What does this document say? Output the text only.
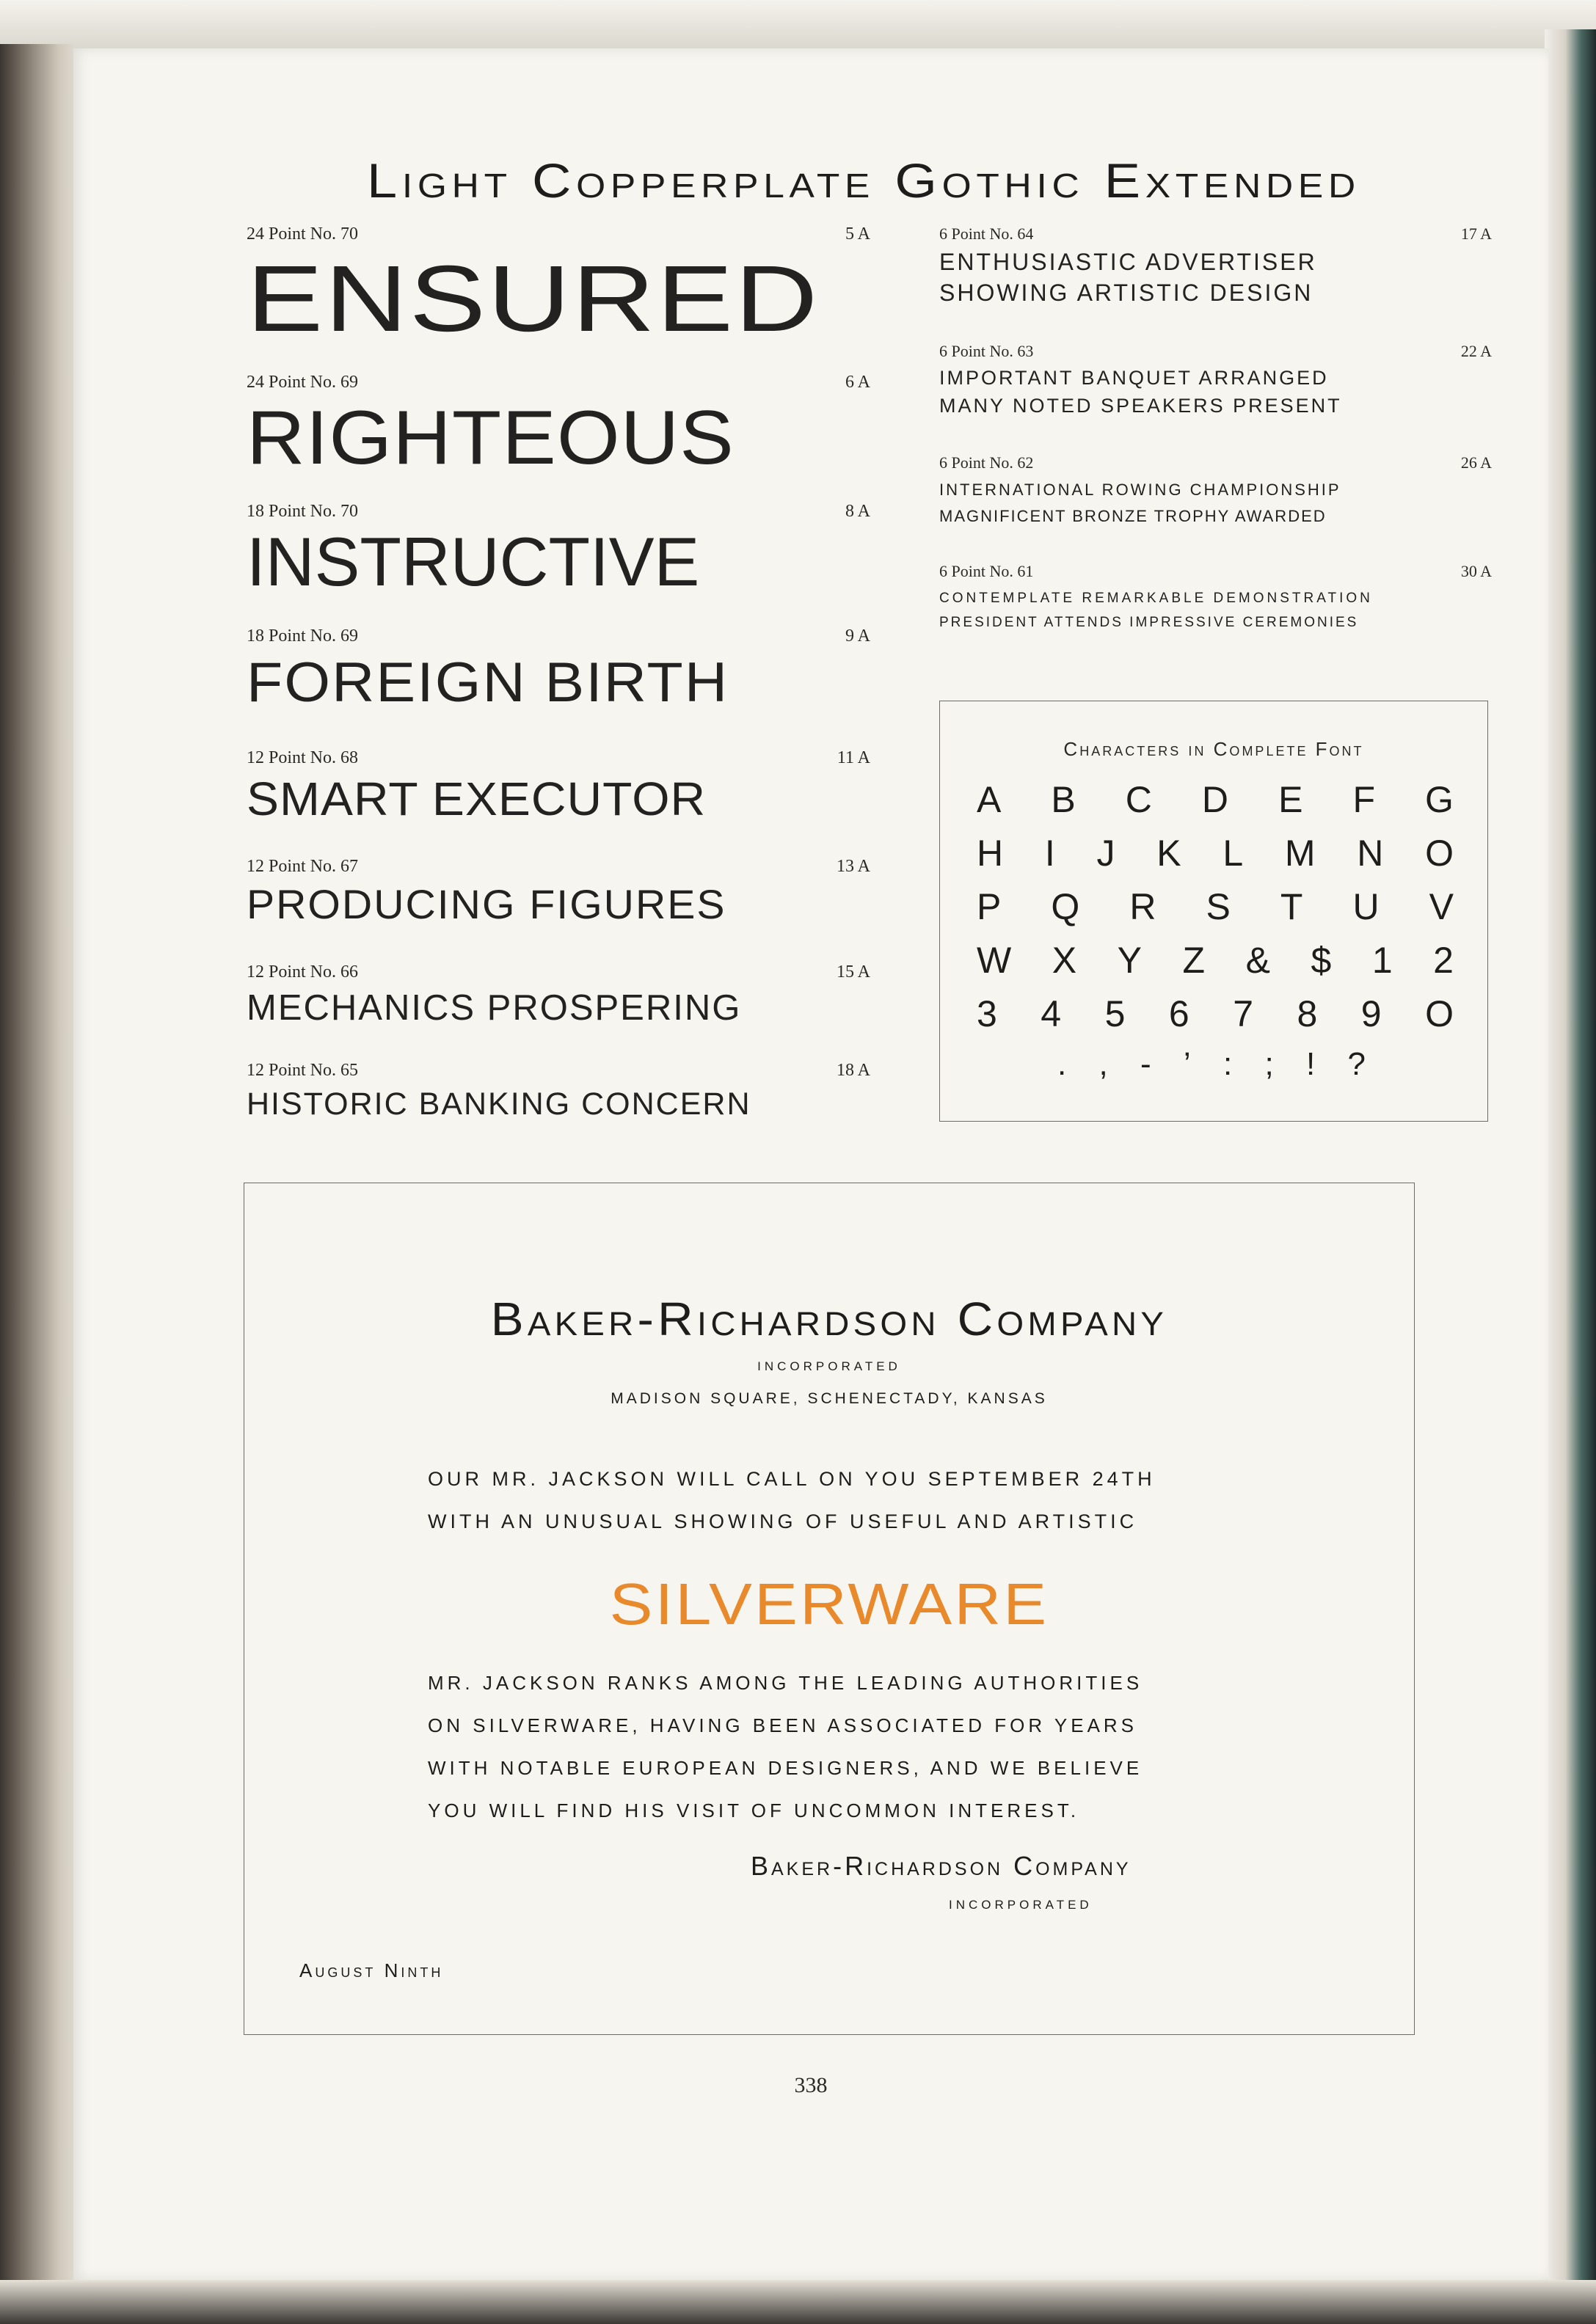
Light Copperplate Gothic Extended
24 Point No. 70	5 A
ENSURED
24 Point No. 69	6 A
RIGHTEOUS
18 Point No. 70	8 A
INSTRUCTIVE
18 Point No. 69	9 A
FOREIGN BIRTH
12 Point No. 68	11 A
SMART EXECUTOR
12 Point No. 67	13 A
PRODUCING FIGURES
12 Point No. 66	15 A
MECHANICS PROSPERING
12 Point No. 65	18 A
HISTORIC BANKING CONCERN
6 Point No. 64	17 A
ENTHUSIASTIC ADVERTISER
SHOWING ARTISTIC DESIGN
6 Point No. 63	22 A
IMPORTANT BANQUET ARRANGED
MANY NOTED SPEAKERS PRESENT
6 Point No. 62	26 A
INTERNATIONAL ROWING CHAMPIONSHIP
MAGNIFICENT BRONZE TROPHY AWARDED
6 Point No. 61	30 A
CONTEMPLATE REMARKABLE DEMONSTRATION
PRESIDENT ATTENDS IMPRESSIVE CEREMONIES
Characters in Complete Font
A B C D E F G
H I J K L M N O
P Q R S T U V
W X Y Z & $ 1 2
3 4 5 6 7 8 9 O
. , - ’ : ; ! ?
Baker-Richardson Company
INCORPORATED
MADISON SQUARE, SCHENECTADY, KANSAS
OUR MR. JACKSON WILL CALL ON YOU SEPTEMBER 24TH
WITH AN UNUSUAL SHOWING OF USEFUL AND ARTISTIC
SILVERWARE
MR. JACKSON RANKS AMONG THE LEADING AUTHORITIES
ON SILVERWARE, HAVING BEEN ASSOCIATED FOR YEARS
WITH NOTABLE EUROPEAN DESIGNERS, AND WE BELIEVE
YOU WILL FIND HIS VISIT OF UNCOMMON INTEREST.
Baker-Richardson Company
INCORPORATED
August Ninth
338
